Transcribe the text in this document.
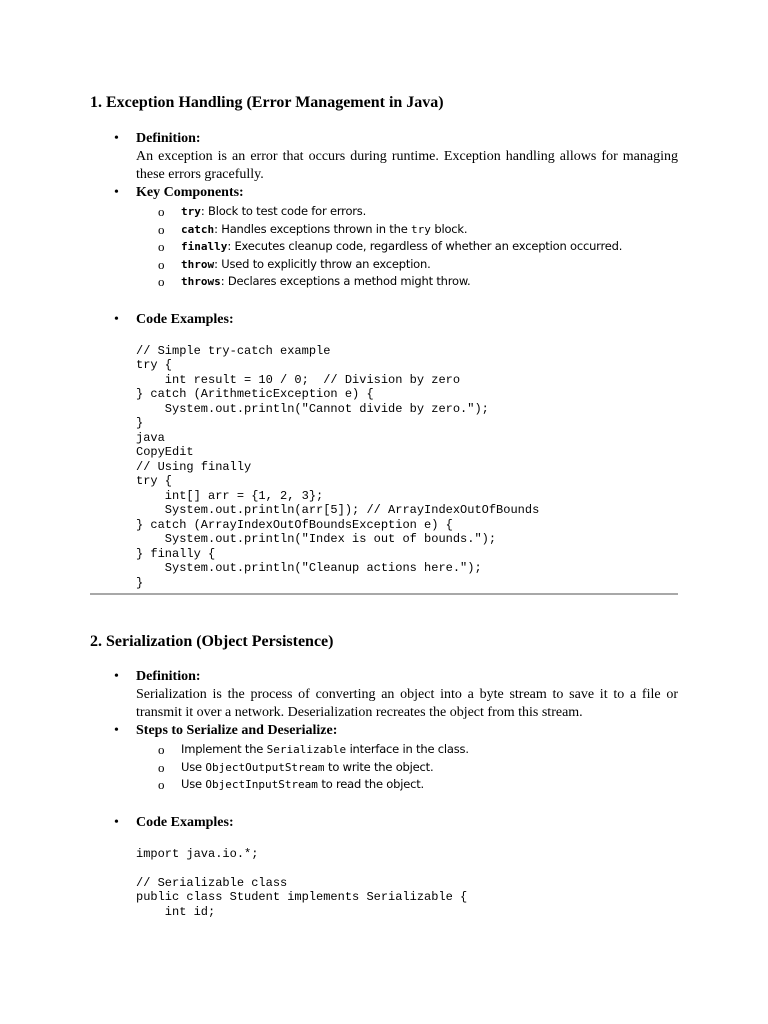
1. Exception Handling (Error Management in Java)
• Definition:
An exception is an error that occurs during runtime. Exception handling allows for managing these errors gracefully.
• Key Components:
o try: Block to test code for errors.
o catch: Handles exceptions thrown in the try block.
o finally: Executes cleanup code, regardless of whether an exception occurred.
o throw: Used to explicitly throw an exception.
o throws: Declares exceptions a method might throw.
• Code Examples:
// Simple try-catch example
try {
int result = 10 / 0;  // Division by zero
} catch (ArithmeticException e) {
System.out.println("Cannot divide by zero.");
}
java
CopyEdit
// Using finally
try {
int[] arr = {1, 2, 3};
System.out.println(arr[5]); // ArrayIndexOutOfBounds
} catch (ArrayIndexOutOfBoundsException e) {
System.out.println("Index is out of bounds.");
} finally {
System.out.println("Cleanup actions here.");
}
2. Serialization (Object Persistence)
• Definition:
Serialization is the process of converting an object into a byte stream to save it to a file or transmit it over a network. Deserialization recreates the object from this stream.
• Steps to Serialize and Deserialize:
o Implement the Serializable interface in the class.
o Use ObjectOutputStream to write the object.
o Use ObjectInputStream to read the object.
• Code Examples:
import java.io.*;

// Serializable class
public class Student implements Serializable {
int id;
